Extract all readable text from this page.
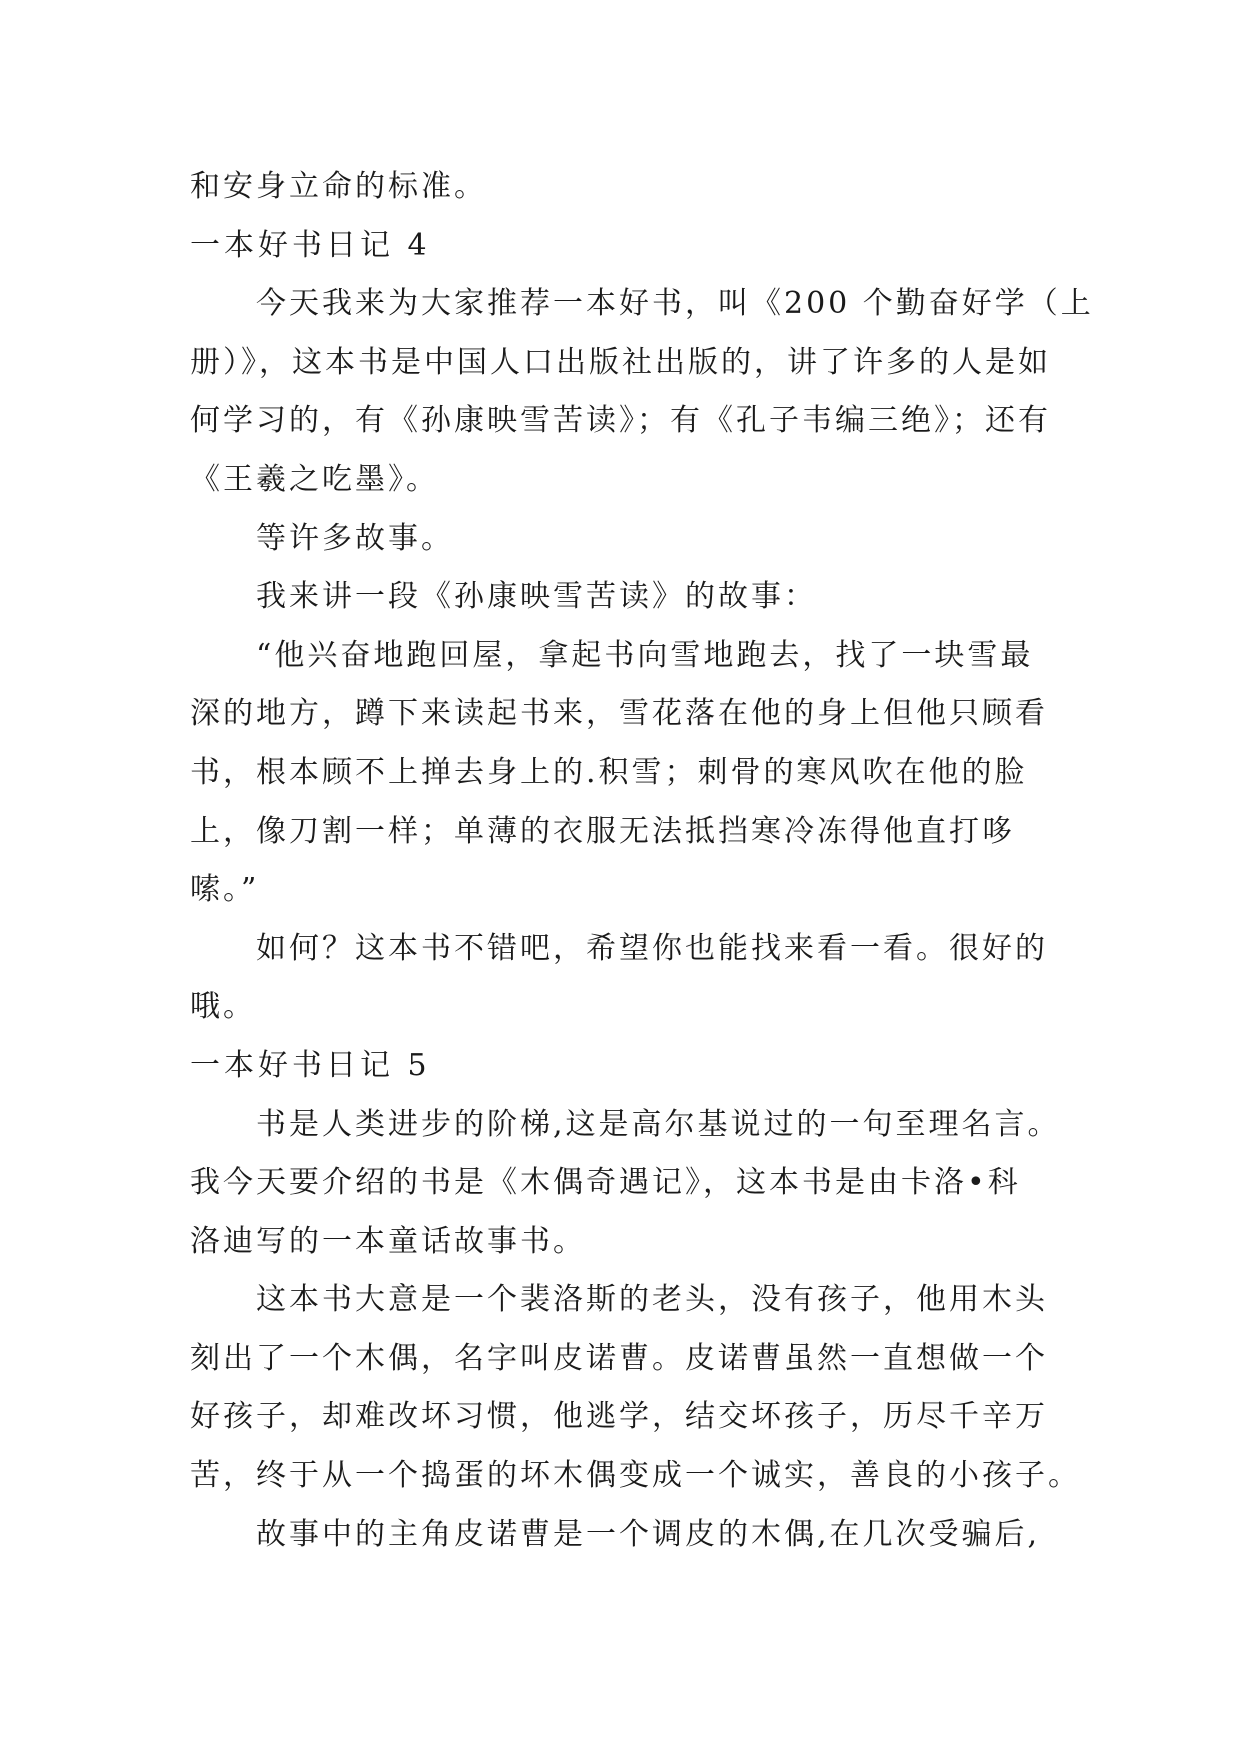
和安身立命的标准。
一本好书日记 4
今天我来为大家推荐一本好书，叫《200 个勤奋好学（上
册）》，这本书是中国人口出版社出版的，讲了许多的人是如
何学习的，有《孙康映雪苦读》；有《孔子韦编三绝》；还有
《王羲之吃墨》。
等许多故事。
我来讲一段《孙康映雪苦读》的故事：
“他兴奋地跑回屋，拿起书向雪地跑去，找了一块雪最
深的地方，蹲下来读起书来，雪花落在他的身上但他只顾看
书，根本顾不上掸去身上的.积雪；刺骨的寒风吹在他的脸
上，像刀割一样；单薄的衣服无法抵挡寒冷冻得他直打哆
嗦。”
如何？这本书不错吧，希望你也能找来看一看。很好的
哦。
一本好书日记 5
书是人类进步的阶梯,这是高尔基说过的一句至理名言。
我今天要介绍的书是《木偶奇遇记》，这本书是由卡洛•科
洛迪写的一本童话故事书。
这本书大意是一个裴洛斯的老头，没有孩子，他用木头
刻出了一个木偶，名字叫皮诺曹。皮诺曹虽然一直想做一个
好孩子，却难改坏习惯，他逃学，结交坏孩子，历尽千辛万
苦，终于从一个捣蛋的坏木偶变成一个诚实，善良的小孩子。
故事中的主角皮诺曹是一个调皮的木偶,在几次受骗后,
